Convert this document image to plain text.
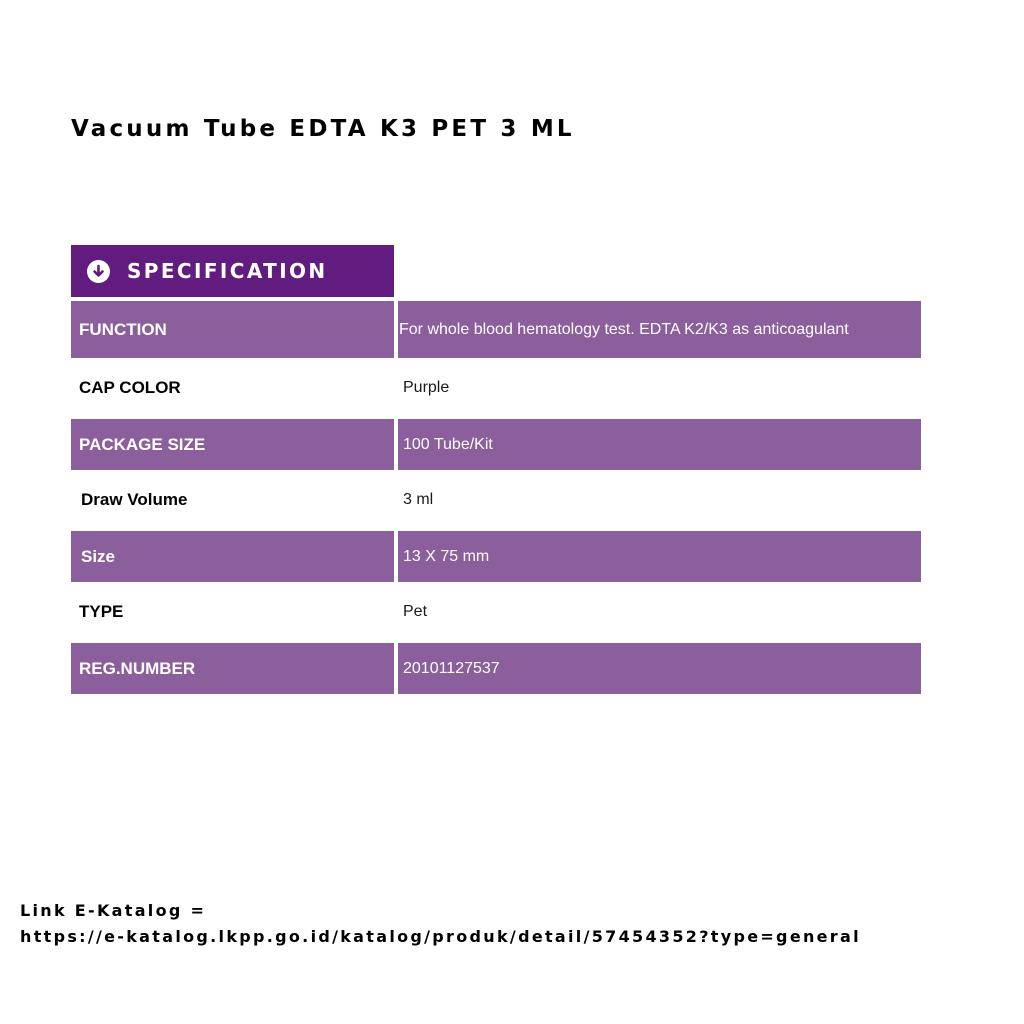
Vacuum Tube EDTA K3 PET 3 ML
SPECIFICATION
FUNCTION	For whole blood hematology test. EDTA K2/K3 as anticoagulant
CAP COLOR	Purple
PACKAGE SIZE	100 Tube/Kit
Draw Volume	3 ml
Size	13 X 75 mm
TYPE	Pet
REG.NUMBER	20101127537
Link E-Katalog =
https://e-katalog.lkpp.go.id/katalog/produk/detail/57454352?type=general
